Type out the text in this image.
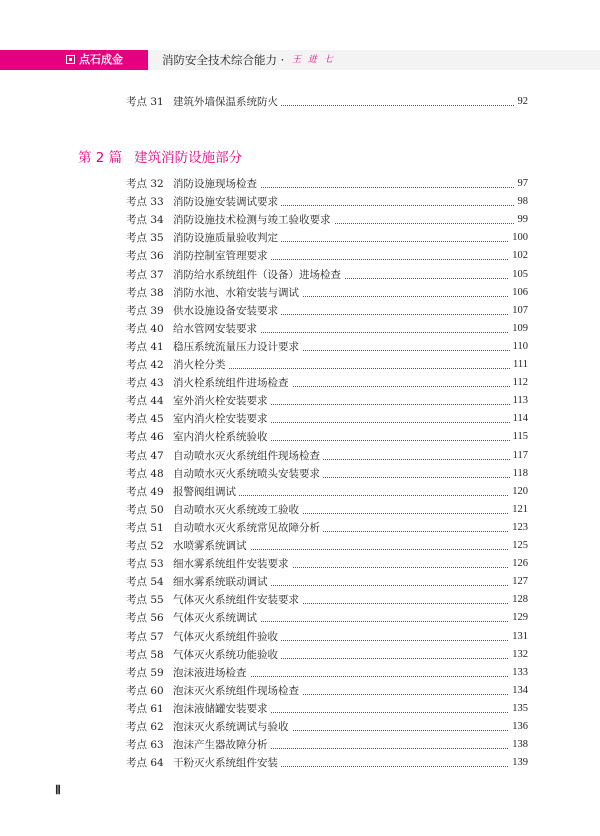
点石成金	消防安全技术综合能力 · 王 进 七
考点 31 建筑外墙保温系统防火	92
第 2 篇 建筑消防设施部分
考点 32 消防设施现场检查	97
考点 33 消防设施安装调试要求	98
考点 34 消防设施技术检测与竣工验收要求	99
考点 35 消防设施质量验收判定	100
考点 36 消防控制室管理要求	102
考点 37 消防给水系统组件（设备）进场检查	105
考点 38 消防水池、水箱安装与调试	106
考点 39 供水设施设备安装要求	107
考点 40 给水管网安装要求	109
考点 41 稳压系统流量压力设计要求	110
考点 42 消火栓分类	111
考点 43 消火栓系统组件进场检查	112
考点 44 室外消火栓安装要求	113
考点 45 室内消火栓安装要求	114
考点 46 室内消火栓系统验收	115
考点 47 自动喷水灭火系统组件现场检查	117
考点 48 自动喷水灭火系统喷头安装要求	118
考点 49 报警阀组调试	120
考点 50 自动喷水灭火系统竣工验收	121
考点 51 自动喷水灭火系统常见故障分析	123
考点 52 水喷雾系统调试	125
考点 53 细水雾系统组件安装要求	126
考点 54 细水雾系统联动调试	127
考点 55 气体灭火系统组件安装要求	128
考点 56 气体灭火系统调试	129
考点 57 气体灭火系统组件验收	131
考点 58 气体灭火系统功能验收	132
考点 59 泡沫液进场检查	133
考点 60 泡沫灭火系统组件现场检查	134
考点 61 泡沫液储罐安装要求	135
考点 62 泡沫灭火系统调试与验收	136
考点 63 泡沫产生器故障分析	138
考点 64 干粉灭火系统组件安装	139
Ⅱ
